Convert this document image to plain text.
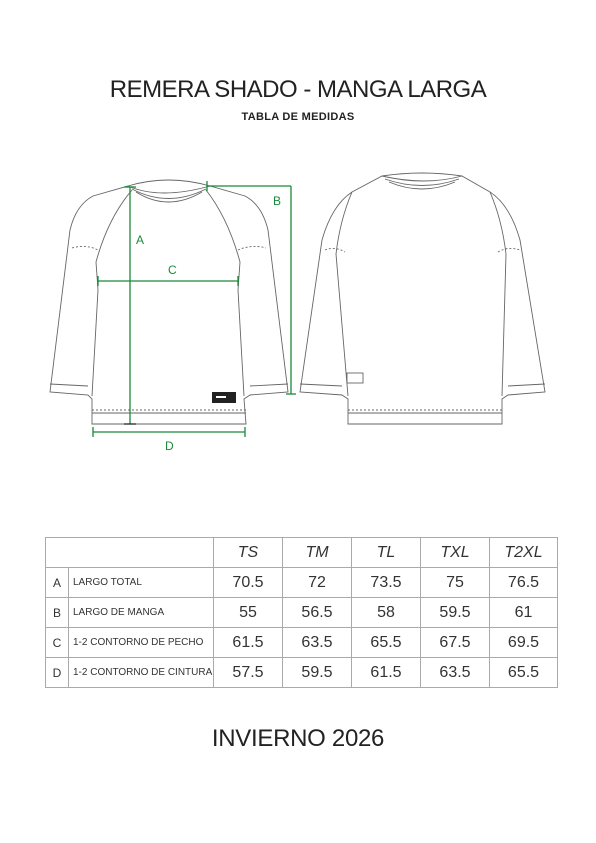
REMERA SHADO - MANGA LARGA
TABLA DE MEDIDAS
A
B
C
D
		TS	TM	TL	TXL	T2XL
A	LARGO TOTAL	70.5	72	73.5	75	76.5
B	LARGO DE MANGA	55	56.5	58	59.5	61
C	1-2 CONTORNO DE PECHO	61.5	63.5	65.5	67.5	69.5
D	1-2 CONTORNO DE CINTURA	57.5	59.5	61.5	63.5	65.5
INVIERNO 2026
